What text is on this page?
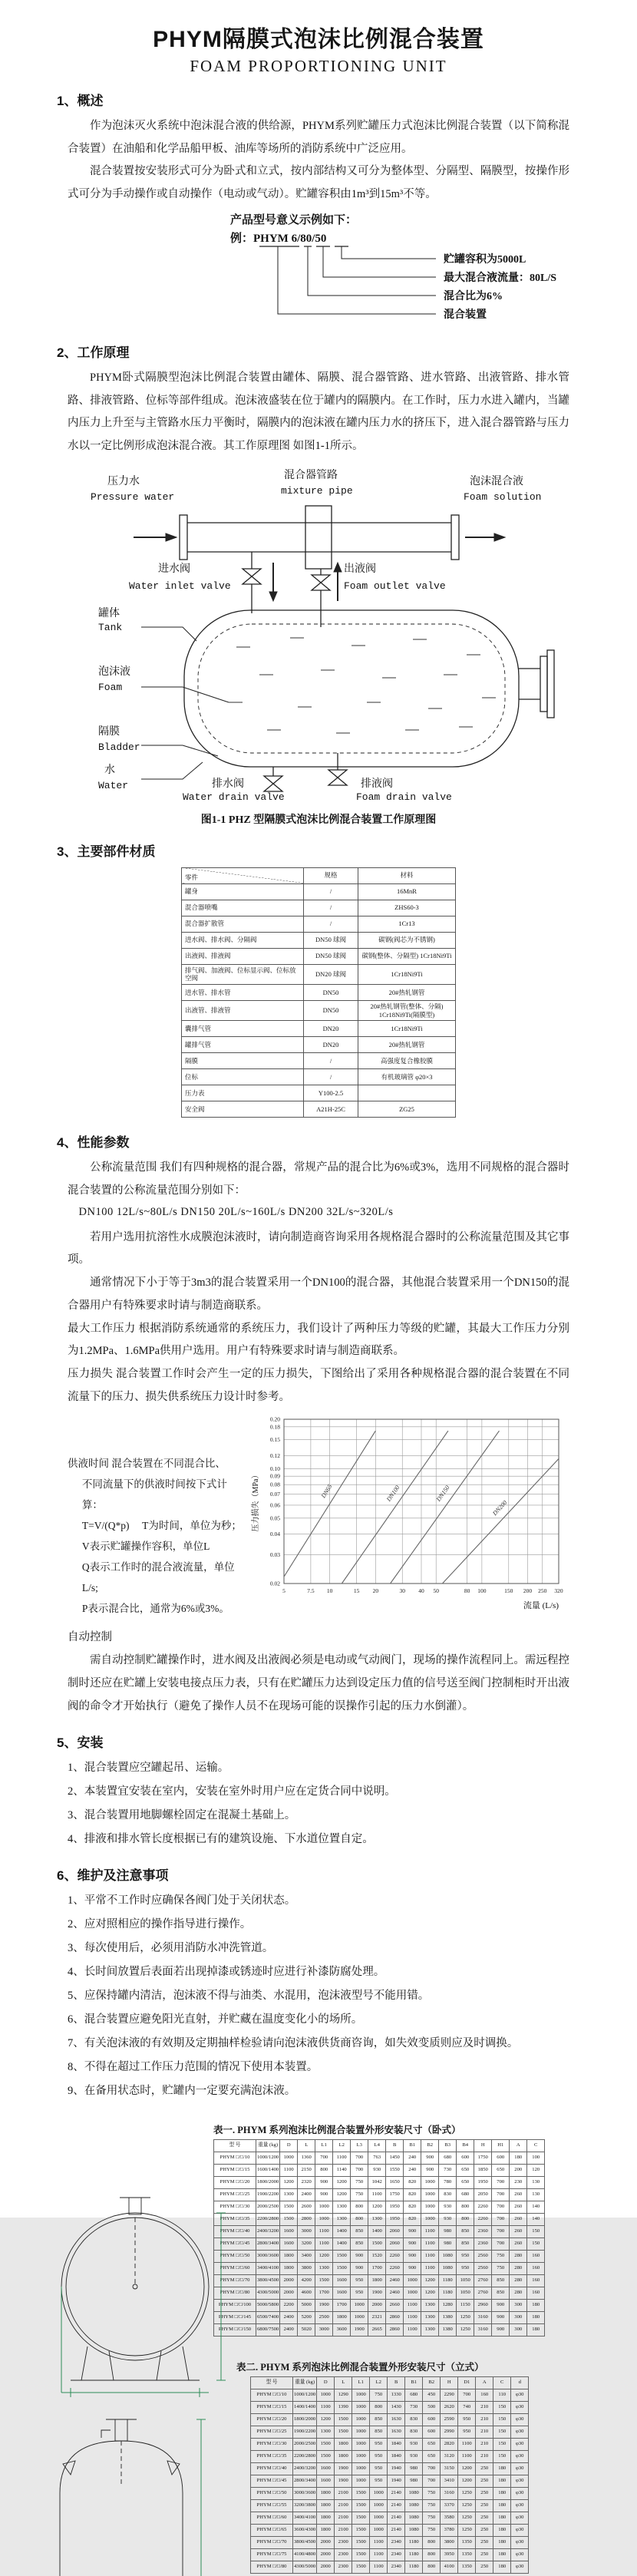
PHYM隔膜式泡沫比例混合装置
FOAM PROPORTIONING UNIT
1、概述

作为泡沫灭火系统中泡沫混合液的供给源，PHYM系列贮罐压力式泡沫比例混合装置（以下简称混合装置）在油船和化学品船甲板、油库等场所的消防系统中广泛应用。

混合装置按安装形式可分为卧式和立式，按内部结构又可分为整体型、分隔型、隔膜型，按操作形式可分为手动操作或自动操作（电动或气动）。贮罐容积由1m³到15m³不等。

产品型号意义示例如下：
例：PHYM 6/80/50
贮罐容积为5000L
最大混合液流量：80L/S
混合比为6%
混合装置
2、工作原理

PHYM卧式隔膜型泡沫比例混合装置由罐体、隔膜、混合器管路、进水管路、出液管路、排水管路、排液管路、位标等部件组成。泡沫液盛装在位于罐内的隔膜内。在工作时，压力水进入罐内，当罐内压力上升至与主管路水压力平衡时，隔膜内的泡沫液在罐内压力水的挤压下，进入混合器管路与压力水以一定比例形成泡沫混合液。其工作原理图 如图1-1所示。

压力水
Pressure water
混合器管路
mixture pipe
泡沫混合液
Foam solution
进水阀
Water inlet valve
出液阀
Foam outlet valve
罐体
Tank
泡沫液
Foam
隔膜
Bladder
水
Water	排水阀
Water drain valve
排液阀
Foam drain valve
图1-1 PHZ 型隔膜式泡沫比例混合装置工作原理图
3、主要部件材质
零件	规格	材料
罐身	/	16MnR
混合器喷嘴	/	ZHS60-3
混合器扩散管	/	1Cr13
进水阀、排水阀、分隔阀	DN50 球阀	碳钢(阀芯为不锈钢)
出液阀、排液阀	DN50 球阀	碳钢(整体、分隔型) 1Cr18Ni9Ti
排气阀、加液阀、位标显示阀、位标放空阀	DN20 球阀	1Cr18Ni9Ti
进水管、排水管	DN50	20#热轧钢管
出液管、排液管	DN50	20#热轧钢管(整体、分隔) 1Cr18Ni9Ti(隔膜型)
囊排气管	DN20	1Cr18Ni9Ti
罐排气管	DN20	20#热轧钢管
隔膜	/	高强度复合橡胶膜
位标	/	有机玻璃管 φ20×3
压力表	Y100-2.5	
安全阀	A21H-25C	ZG25
4、性能参数

公称流量范围 我们有四种规格的混合器，常规产品的混合比为6%或3%，选用不同规格的混合器时混合装置的公称流量范围分别如下：

DN100 12L/s~80L/s DN150 20L/s~160L/s DN200 32L/s~320L/s

若用户选用抗溶性水成膜泡沫液时，请向制造商咨询采用各规格混合器时的公称流量范围及其它事项。

通常情况下小于等于3m3的混合装置采用一个DN100的混合器，其他混合装置采用一个DN150的混合器用户有特殊要求时请与制造商联系。

最大工作压力 根据消防系统通常的系统压力，我们设计了两种压力等级的贮罐，其最大工作压力分别为1.2MPa、1.6MPa供用户选用。用户有特殊要求时请与制造商联系。

压力损失 混合装置工作时会产生一定的压力损失，下图给出了采用各种规格混合器的混合装置在不同流量下的压力、损失供系统压力设计时参考。

供液时间 混合装置在不同混合比、
不同流量下的供液时间按下式计算：
T=V/(Q*p)　 T为时间，单位为秒；
V表示贮罐操作容积，单位L
Q表示工作时的混合液流量，单位L/s;
P表示混合比，通常为6%或3%。
0.02
0.03
0.04
0.05
0.06
0.07
0.08
0.09
0.10
0.12
0.15
0.18
0.20
5	7.5 10	15 20	30 40 50	80 100	150 200 250 320
DN65	DN100	DN150
DN200
流量 (L/s)
压力损失（MPa）

自动控制

需自动控制贮罐操作时，进水阀及出液阀必须是电动或气动阀门，现场的操作流程同上。需远程控制时还应在贮罐上安装电接点压力表，只有在贮罐压力达到设定压力值的信号送至阀门控制柜时开出液阀的命令才开始执行（避免了操作人员不在现场可能的误操作引起的压力水倒灌）。

5、安装
1、混合装置应空罐起吊、运输。
2、本装置宜安装在室内，安装在室外时用户应在定货合同中说明。
3、混合装置用地脚螺栓固定在混凝土基础上。
4、排液和排水管长度根据已有的建筑设施、下水道位置自定。
6、维护及注意事项
1、平常不工作时应确保各阀门处于关闭状态。
2、应对照相应的操作指导进行操作。
3、每次使用后，必须用消防水冲洗管道。
4、长时间放置后表面若出现掉漆或锈迹时应进行补漆防腐处理。
5、应保持罐内清洁，泡沫液不得与油类、水混用，泡沫液型号不能用错。
6、混合装置应避免阳光直射，并贮藏在温度变化小的场所。
7、有关泡沫液的有效期及定期抽样检验请向泡沫液供货商咨询，如失效变质则应及时调换。
8、不得在超过工作压力范围的情况下使用本装置。
9、在备用状态时，贮罐内一定要充满泡沫液。
表一. PHYM 系列泡沫比例混合装置外形安装尺寸（卧式）
型 号	重量 (kg)	D	L	L1	L2	L3	L4	B	B1	B2	B3	B4	H	H1	A	C
PHYM □/□/10	1000/1200	1000	1360	700	1100	700	763	1450	240	900	680	600	1750	600	180	100
PHYM □/□/15	1600/1400	1100	2150	800	1140	700	930	1550	240	900	730	650	1850	650	200	120
PHYM □/□/20	1800/2000	1200	2320	900	1200	750	1042	1650	820	1000	780	650	1950	700	230	130
PHYM □/□/25	1900/2200	1300	2400	900	1200	750	1100	1750	820	1000	830	680	2050	700	260	130
PHYM □/□/30	2000/2500	1500	2600	1000	1300	800	1200	1950	820	1000	930	800	2260	700	260	140
PHYM □/□/35	2200/2800	1500	2800	1000	1300	800	1300	1950	820	1000	930	800	2260	700	260	140
PHYM □/□/40	2400/3200	1600	3000	1100	1400	850	1400	2060	900	1100	980	850	2360	700	260	150
PHYM □/□/45	2800/3400	1600	3200	1100	1400	850	1500	2060	900	1100	980	850	2360	700	260	150
PHYM □/□/50	3000/3600	1800	3400	1200	1500	900	1520	2260	900	1100	1080	950	2560	750	280	160
PHYM □/□/60	3400/4100	1800	3800	1300	1500	900	1700	2260	900	1100	1080	950	2560	750	280	160
PHYM □/□/70	3800/4500	2000	4200	1500	1600	950	1800	2460	1000	1200	1180	1050	2760	850	280	160
PHYM □/□/80	4300/5000	2000	4600	1700	1600	950	1900	2460	1000	1200	1180	1050	2760	850	280	160
PHYM □/□/100	5000/5800	2200	5000	1900	1700	1000	2000	2660	1100	1300	1280	1150	2960	900	300	180
PHYM □/□/145	6500/7400	2400	5200	2500	1800	1000	2321	2860	1100	1300	1380	1250	3160	900	300	180
PHYM □/□/150	6800/7500	2400	5020	3000	3600	1900	2665	2860	1100	1300	1380	1250	3160	900	300	180
表二. PHYM 系列泡沫比例混合装置外形安装尺寸（立式）
型 号	重量 (kg)	D	L	L1	L2	B	B1	B2	H	D1	A	C	d
PHYM □/□/10	1000/1200	1000	1290	1000	750	1330	680	450	2290	700	160	110	φ30
PHYM □/□/15	1400/1400	1100	1390	1000	800	1430	730	500	2620	740	210	150	φ30
PHYM □/□/20	1800/2000	1200	1500	1000	850	1630	830	600	2590	950	210	150	φ30
PHYM □/□/25	1900/2200	1300	1500	1000	850	1630	830	600	2990	950	210	150	φ30
PHYM □/□/30	2000/2500	1500	1800	1000	950	1840	930	650	2820	1100	210	150	φ30
PHYM □/□/35	2200/2800	1500	1800	1000	950	1840	930	650	3120	1100	210	150	φ30
PHYM □/□/40	2400/3200	1600	1900	1000	950	1940	980	700	3150	1200	250	180	φ30
PHYM □/□/45	2800/3400	1600	1900	1000	950	1940	980	700	3410	1200	250	180	φ30
PHYM □/□/50	3000/3600	1800	2100	1500	1000	2140	1080	750	3160	1250	250	180	φ30
PHYM □/□/55	3200/3800	1800	2100	1500	1000	2140	1080	750	3370	1250	250	180	φ30
PHYM □/□/60	3400/4100	1800	2100	1500	1000	2140	1080	750	3580	1250	250	180	φ30
PHYM □/□/65	3600/4300	1800	2100	1500	1000	2140	1080	750	3780	1250	250	180	φ30
PHYM □/□/70	3800/4500	2000	2300	1500	1100	2340	1180	800	3800	1350	250	180	φ30
PHYM □/□/75	4100/4800	2000	2300	1500	1100	2340	1180	800	3950	1350	250	180	φ30
PHYM □/□/80	4300/5000	2000	2300	1500	1100	2340	1180	800	4100	1350	250	180	φ30
